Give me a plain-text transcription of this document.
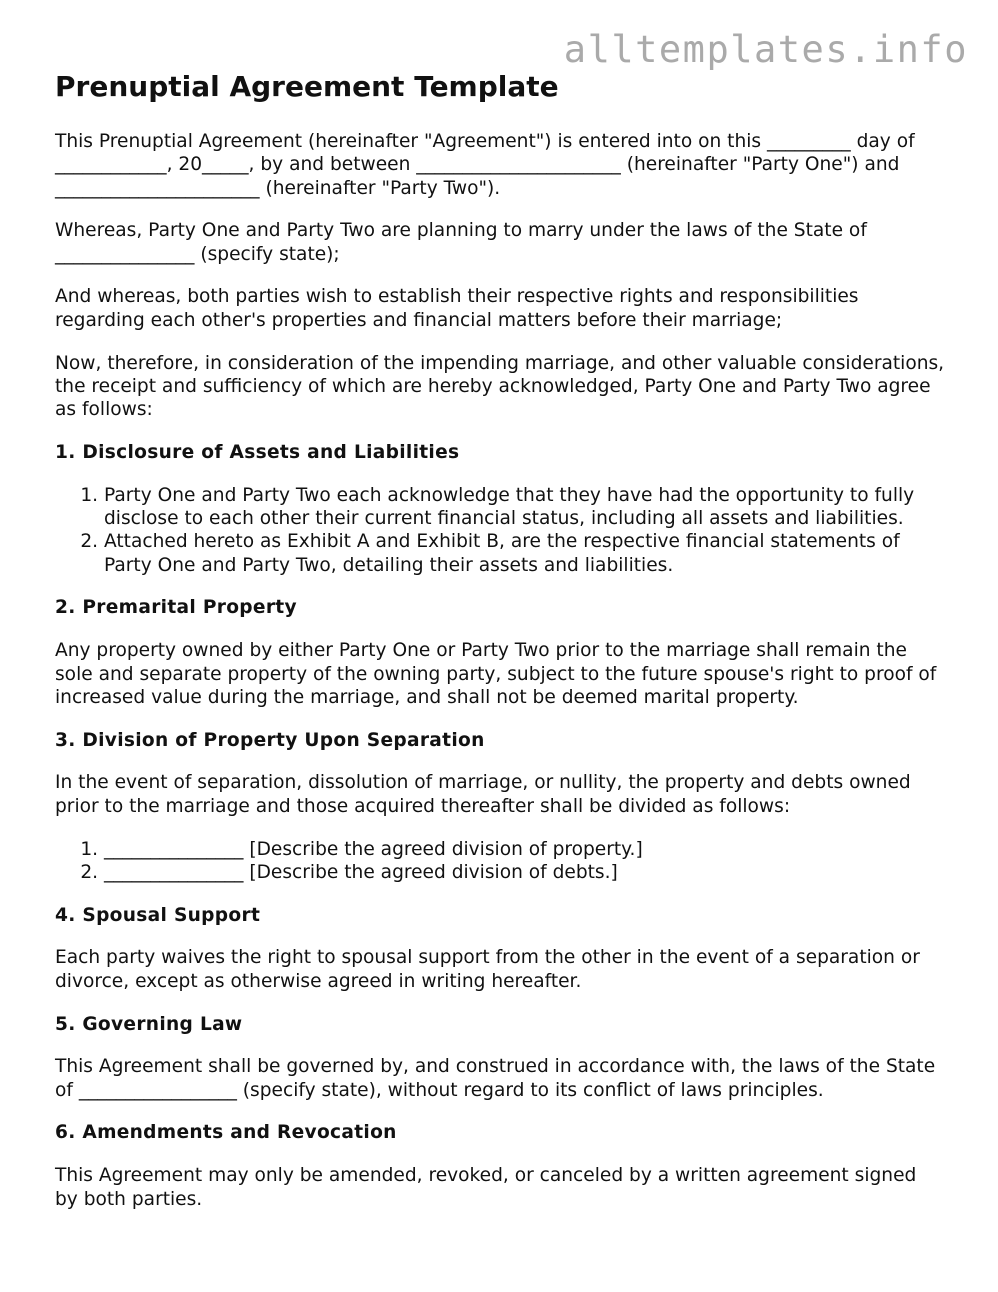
alltemplates.info
Prenuptial Agreement Template

This Prenuptial Agreement (hereinafter "Agreement") is entered into on this _________ day of ____________, 20_____, by and between ______________________ (hereinafter "Party One") and ______________________ (hereinafter "Party Two").

Whereas, Party One and Party Two are planning to marry under the laws of the State of _______________ (specify state);

And whereas, both parties wish to establish their respective rights and responsibilities regarding each other's properties and financial matters before their marriage;

Now, therefore, in consideration of the impending marriage, and other valuable considerations, the receipt and sufficiency of which are hereby acknowledged, Party One and Party Two agree as follows:

1. Disclosure of Assets and Liabilities
1. Party One and Party Two each acknowledge that they have had the opportunity to fully disclose to each other their current financial status, including all assets and liabilities.
2. Attached hereto as Exhibit A and Exhibit B, are the respective financial statements of Party One and Party Two, detailing their assets and liabilities.
2. Premarital Property

Any property owned by either Party One or Party Two prior to the marriage shall remain the sole and separate property of the owning party, subject to the future spouse's right to proof of increased value during the marriage, and shall not be deemed marital property.

3. Division of Property Upon Separation

In the event of separation, dissolution of marriage, or nullity, the property and debts owned prior to the marriage and those acquired thereafter shall be divided as follows:

1. _______________ [Describe the agreed division of property.]
2. _______________ [Describe the agreed division of debts.]
4. Spousal Support

Each party waives the right to spousal support from the other in the event of a separation or divorce, except as otherwise agreed in writing hereafter.

5. Governing Law

This Agreement shall be governed by, and construed in accordance with, the laws of the State of _________________ (specify state), without regard to its conflict of laws principles.

6. Amendments and Revocation

This Agreement may only be amended, revoked, or canceled by a written agreement signed by both parties.
